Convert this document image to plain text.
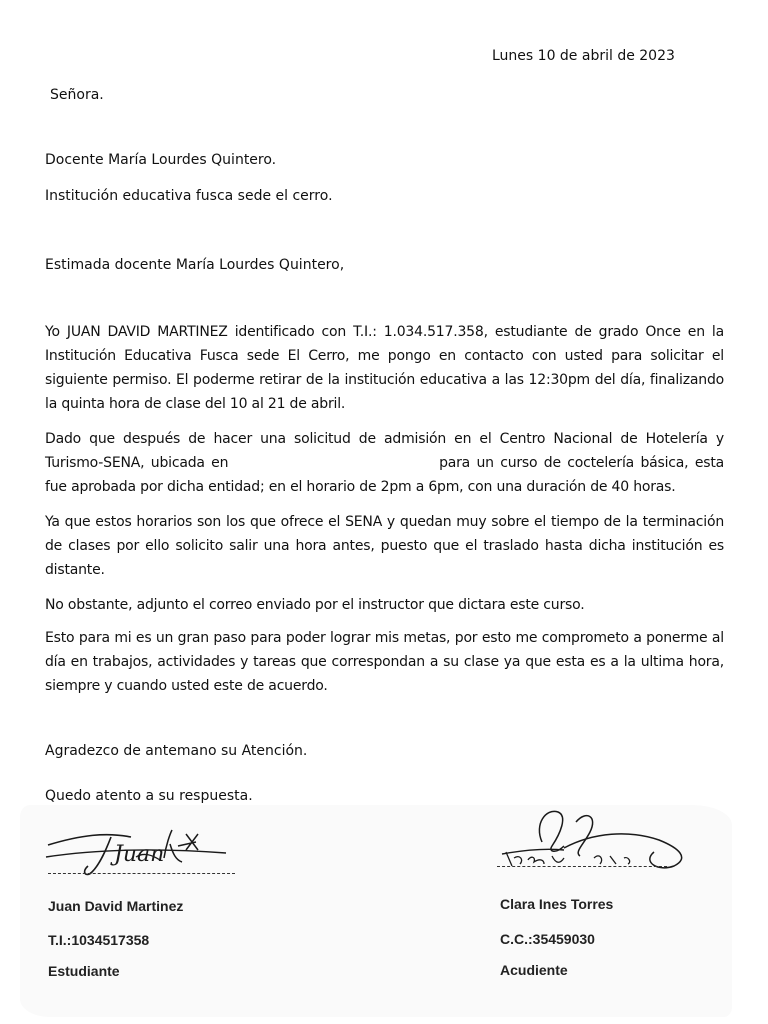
Lunes 10 de abril de 2023
Señora.
Docente María Lourdes Quintero.
Institución educativa fusca sede el cerro.
Estimada docente María Lourdes Quintero,
Yo JUAN DAVID MARTINEZ identificado con T.I.: 1.034.517.358, estudiante de grado Once en la Institución Educativa Fusca sede El Cerro, me pongo en contacto con usted para solicitar el siguiente permiso. El poderme retirar de la institución educativa a las 12:30pm del día, finalizando la quinta hora de clase del 10 al 21 de abril.
Dado que después de hacer una solicitud de admisión en el Centro Nacional de Hotelería y Turismo-SENA, ubicada en	para un curso de coctelería básica, esta fue aprobada por dicha entidad; en el horario de 2pm a 6pm, con una duración de 40 horas.
Ya que estos horarios son los que ofrece el SENA y quedan muy sobre el tiempo de la terminación de clases por ello solicito salir una hora antes, puesto que el traslado hasta dicha institución es distante.
No obstante, adjunto el correo enviado por el instructor que dictara este curso.
Esto para mi es un gran paso para poder lograr mis metas, por esto me comprometo a ponerme al día en trabajos, actividades y tareas que correspondan a su clase ya que esta es a la ultima hora, siempre y cuando usted este de acuerdo.
Agradezco de antemano su Atención.
Quedo atento a su respuesta.
Juan
Juan David Martinez
T.I.:1034517358
Estudiante
Clara Ines Torres
C.C.:35459030
Acudiente
